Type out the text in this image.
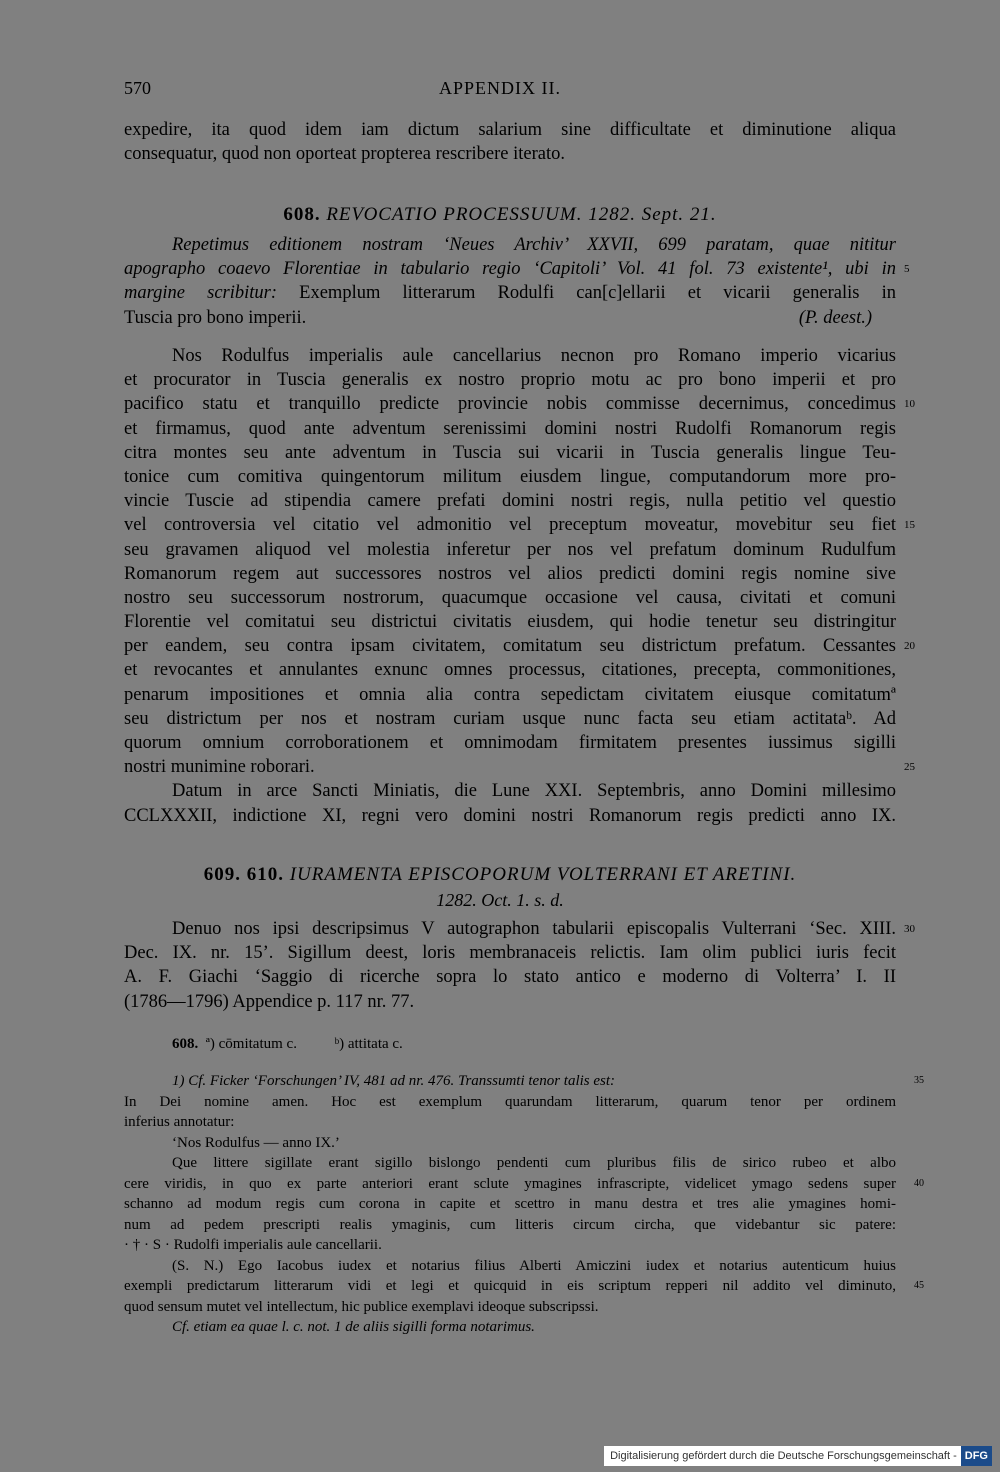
570	APPENDIX II.
expedire, ita quod idem iam dictum salarium sine difficultate et diminutione aliqua
consequatur, quod non oporteat propterea rescribere iterato.
608. REVOCATIO PROCESSUUM. 1282. Sept. 21.
Repetimus editionem nostram ‘Neues Archiv’ XXVII, 699 paratam, quae nititur
apographo coaevo Florentiae in tabulario regio ‘Capitoli’ Vol. 41 fol. 73 existente¹, ubi in 5
margine scribitur: Exemplum litterarum Rodulfi can[c]ellarii et vicarii generalis in
Tuscia pro bono imperii.	(P. deest.)
Nos Rodulfus imperialis aule cancellarius necnon pro Romano imperio vicarius
et procurator in Tuscia generalis ex nostro proprio motu ac pro bono imperii et pro
pacifico statu et tranquillo predicte provincie nobis commisse decernimus, concedimus 10
et firmamus, quod ante adventum serenissimi domini nostri Rudolfi Romanorum regis
citra montes seu ante adventum in Tuscia sui vicarii in Tuscia generalis lingue Teu-
tonice cum comitiva quingentorum militum eiusdem lingue, computandorum more pro-
vincie Tuscie ad stipendia camere prefati domini nostri regis, nulla petitio vel questio
vel controversia vel citatio vel admonitio vel preceptum moveatur, movebitur seu fiet 15
seu gravamen aliquod vel molestia inferetur per nos vel prefatum dominum Rudulfum
Romanorum regem aut successores nostros vel alios predicti domini regis nomine sive
nostro seu successorum nostrorum, quacumque occasione vel causa, civitati et comuni
Florentie vel comitatui seu districtui civitatis eiusdem, qui hodie tenetur seu distringitur
per eandem, seu contra ipsam civitatem, comitatum seu districtum prefatum. Cessantes 20
et revocantes et annulantes exnunc omnes processus, citationes, precepta, commonitiones,
penarum impositiones et omnia alia contra sepedictam civitatem eiusque comitatumª
seu districtum per nos et nostram curiam usque nunc facta seu etiam actitataᵇ. Ad
quorum omnium corroborationem et omnimodam firmitatem presentes iussimus sigilli
nostri munimine roborari.	25
Datum in arce Sancti Miniatis, die Lune XXI. Septembris, anno Domini millesimo
CCLXXXII, indictione XI, regni vero domini nostri Romanorum regis predicti anno IX.
609. 610. IURAMENTA EPISCOPORUM VOLTERRANI ET ARETINI.
1282. Oct. 1. s. d.
Denuo nos ipsi descripsimus V autographon tabularii episcopalis Vulterrani ‘Sec. XIII. 30
Dec. IX. nr. 15’. Sigillum deest, loris membranaceis relictis. Iam olim publici iuris fecit
A. F. Giachi ‘Saggio di ricerche sopra lo stato antico e moderno di Volterra’ I. II
(1786—1796) Appendice p. 117 nr. 77.
608. ª) cōmitatum c.	ᵇ) attitata c.
1) Cf. Ficker ‘Forschungen’ IV, 481 ad nr. 476. Transsumti tenor talis est:	35
In Dei nomine amen. Hoc est exemplum quarundam litterarum, quarum tenor per ordinem
inferius annotatur:
‘Nos Rodulfus — anno IX.’
Que littere sigillate erant sigillo bislongo pendenti cum pluribus filis de sirico rubeo et albo
cere viridis, in quo ex parte anteriori erant sclute ymagines infrascripte, videlicet ymago sedens super 40
schanno ad modum regis cum corona in capite et scettro in manu destra et tres alie ymagines homi-
num ad pedem prescripti realis ymaginis, cum litteris circum circha, que videbantur sic patere:
· † · S · Rudolfi imperialis aule cancellarii.
(S. N.) Ego Iacobus iudex et notarius filius Alberti Amiczini iudex et notarius autenticum huius
exempli predictarum litterarum vidi et legi et quicquid in eis scriptum repperi nil addito vel diminuto, 45
quod sensum mutet vel intellectum, hic publice exemplavi ideoque subscripssi.
Cf. etiam ea quae l. c. not. 1 de aliis sigilli forma notarimus.
Digitalisierung gefördert durch die Deutsche Forschungsgemeinschaft - DFG
